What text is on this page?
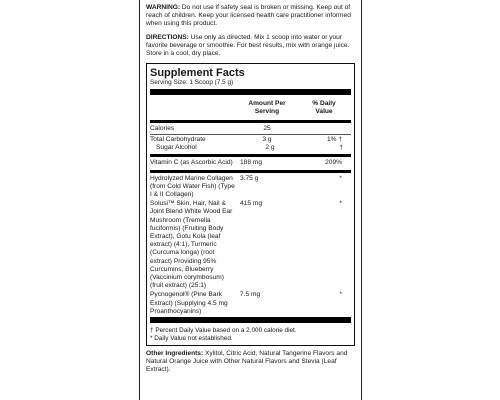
WARNING: Do not use if safety seal is broken or missing. Keep out of reach of children. Keep your licensed health care practitioner informed when using this product.

DIRECTIONS: Use only as directed. Mix 1 scoop into water or your favorite beverage or smoothie. For best results, mix with orange juice. Store in a cool, dry place.

Supplement Facts
Serving Size: 1 Scoop (7.5 g)
Amount Per
Serving
% Daily
Value
Calories	25
Total Carbohydrate	3 g	1% †
Sugar Alcohol	2 g	†
Vitamin C (as Ascorbic Acid)	188 mg	209%
Hydrolyzed Marine Collagen (from Cold Water Fish) (Type I & II Collagen)
3.75 g	*
Solusi™ Skin, Hair, Nail & Joint Blend White Wood Ear Mushroom (Tremella fuciformis) (Fruiting Body Extract), Gotu Kola (leaf extract) (4:1), Turmeric (Curcuma longa) (root extract) Providing 95% Curcumins, Blueberry (Vaccinium corymbosum) (fruit extract) (25:1)
415 mg	*
Pycnogenol® (Pine Bark Extract) (Supplying 4.5 mg Proanthocyanins)
7.5 mg	*
† Percent Daily Value based on a 2,000 calorie diet.
* Daily Value not established.

Other Ingredients: Xylitol, Citric Acid, Natural Tangerine Flavors and Natural Orange Juice with Other Natural Flavors and Stevia (Leaf Extract).
